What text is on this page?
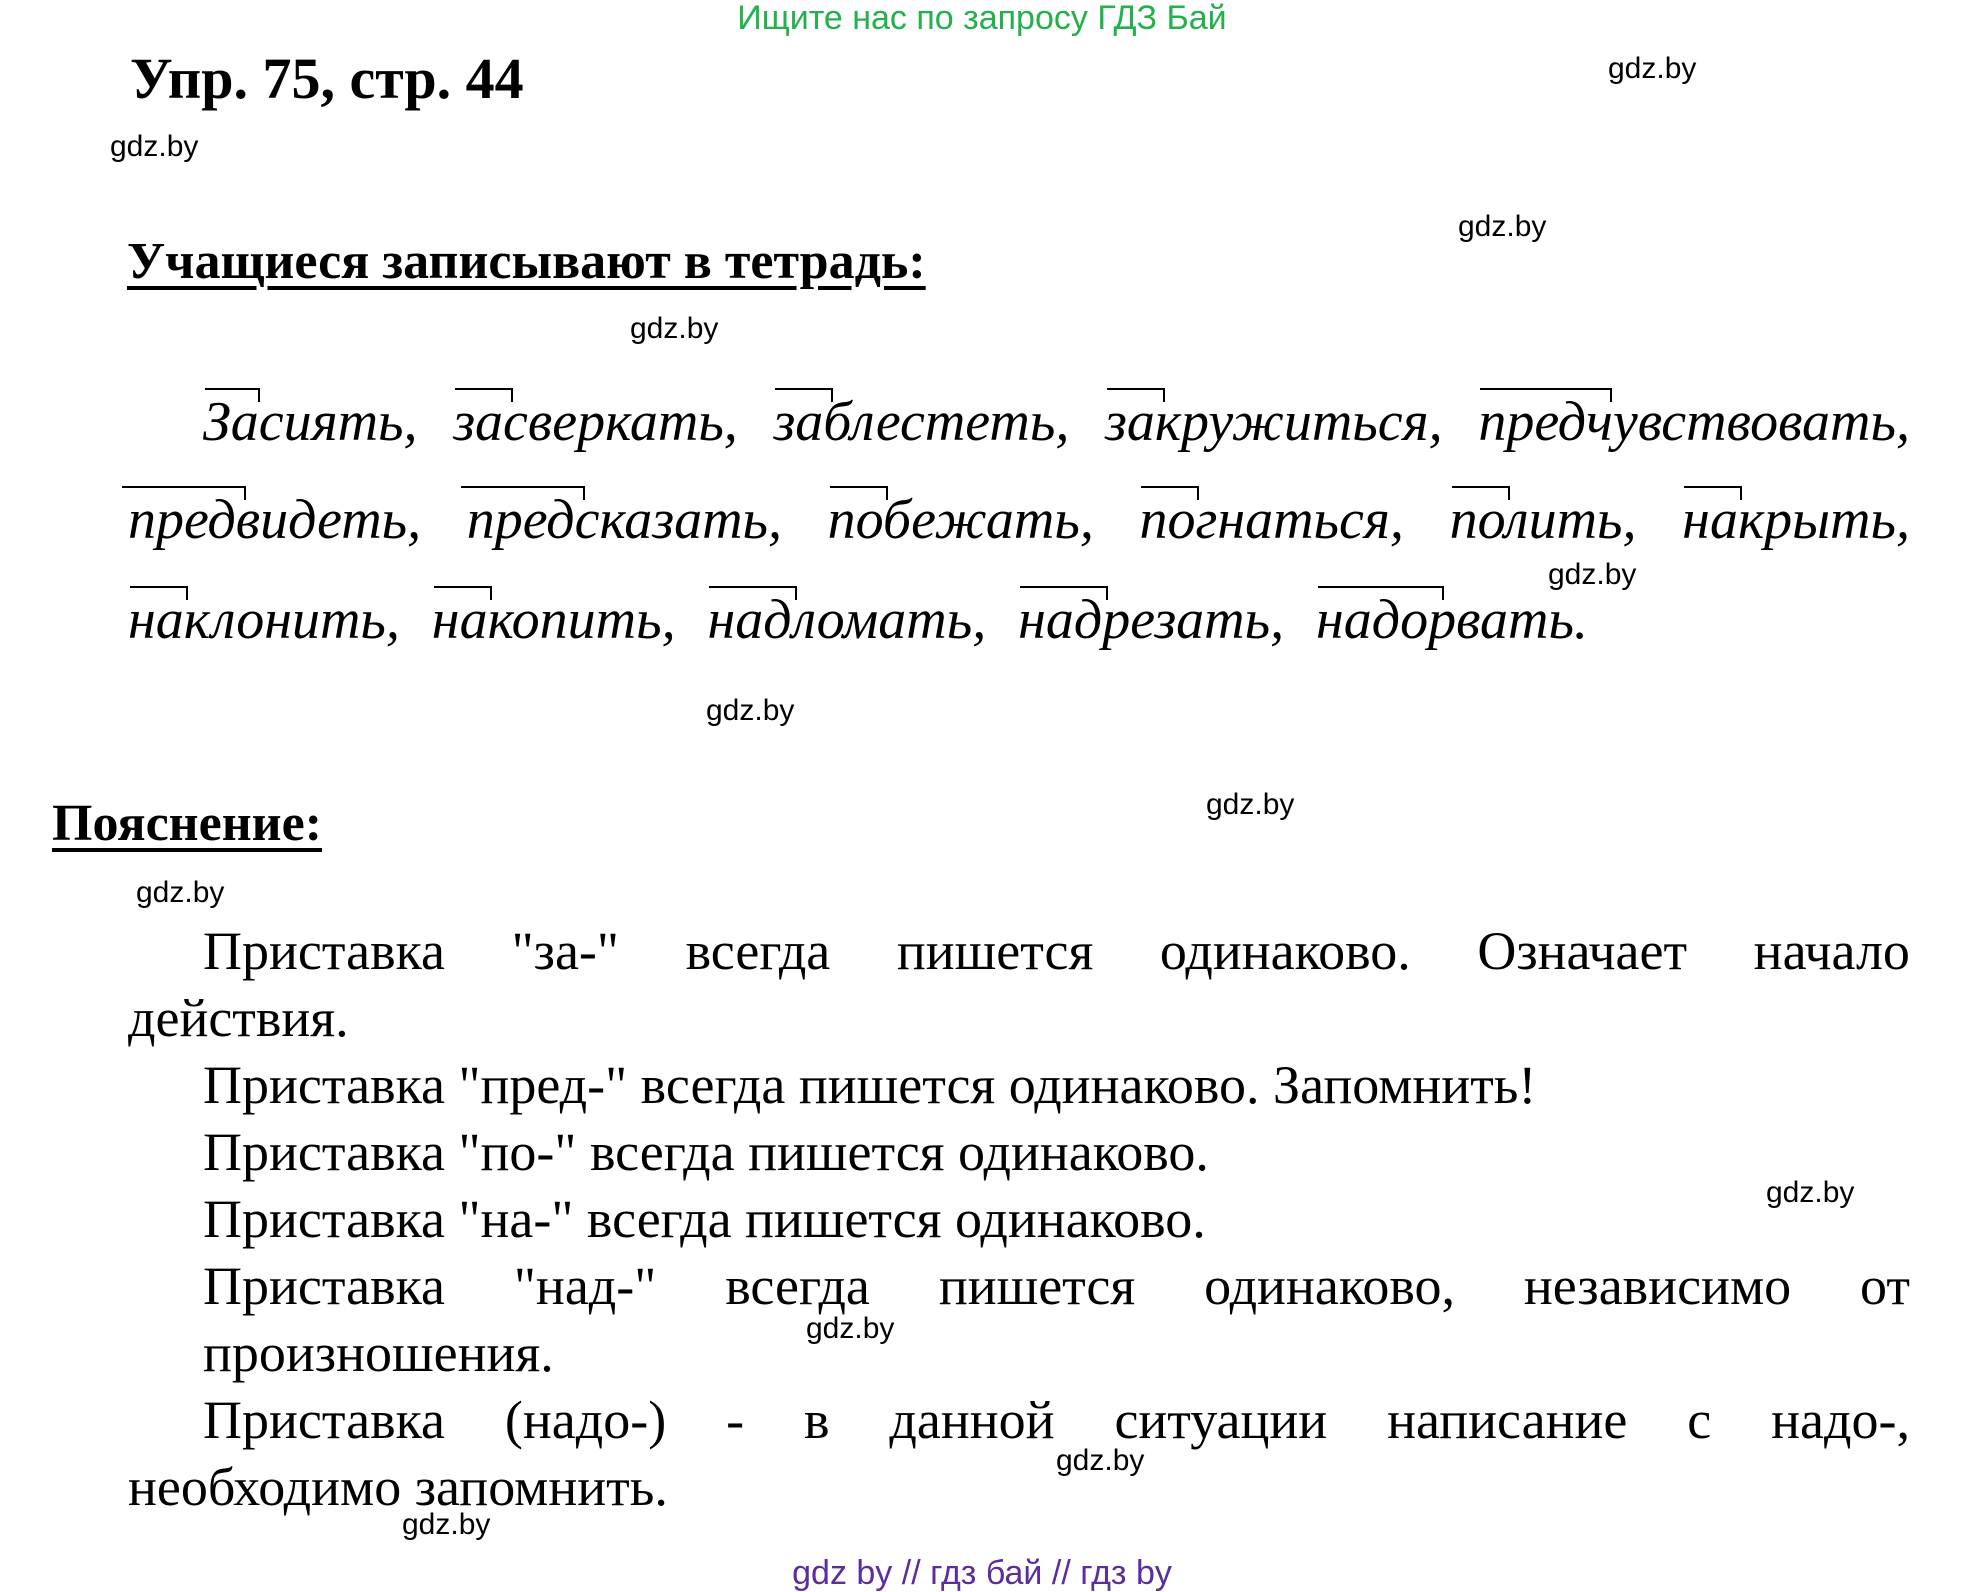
Ищите нас по запросу ГДЗ Бай
Упр. 75, стр. 44
Учащиеся записывают в тетрадь:
Засиять, засверкать, заблестеть, закружиться, предчувствовать,
предвидеть, предсказать, побежать, погнаться, полить, накрыть,
наклонить, накопить, надломать, надрезать, надорвать.
Пояснение:
Приставка "за-" всегда пишется одинаково. Означает начало
действия.
Приставка "пред-" всегда пишется одинаково. Запомнить!
Приставка "по-" всегда пишется одинаково.
Приставка "на-" всегда пишется одинаково.
Приставка "над-" всегда пишется одинаково, независимо от
произношения.
Приставка (надо-) - в данной ситуации написание с надо-,
необходимо запомнить.
gdz.by
gdz.by
gdz.by
gdz.by
gdz.by
gdz.by
gdz.by
gdz.by
gdz.by
gdz.by
gdz.by
gdz.by
gdz by // гдз бай // гдз by
